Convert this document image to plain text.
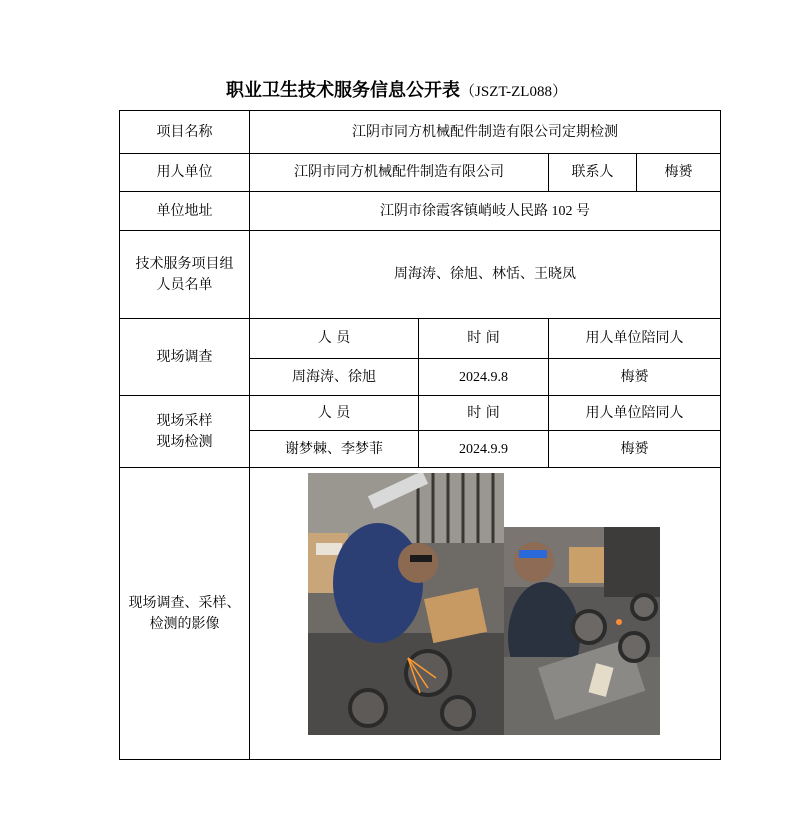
职业卫生技术服务信息公开表（JSZT-ZL088）
项目名称	江阴市同方机械配件制造有限公司定期检测			
用人单位	江阴市同方机械配件制造有限公司		联系人	梅赟
单位地址	江阴市徐霞客镇峭岐人民路 102 号			

技术服务项目组
人员名单	周海涛、徐旭、林恬、王晓凤			
现场调查	人 员	时 间	用人单位陪同人	
	周海涛、徐旭	2024.9.8	梅赟	

现场采样
现场检测	人 员	时 间	用人单位陪同人	
	谢梦棘、李梦菲	2024.9.9	梅赟	

现场调查、采样、
检测的影像
